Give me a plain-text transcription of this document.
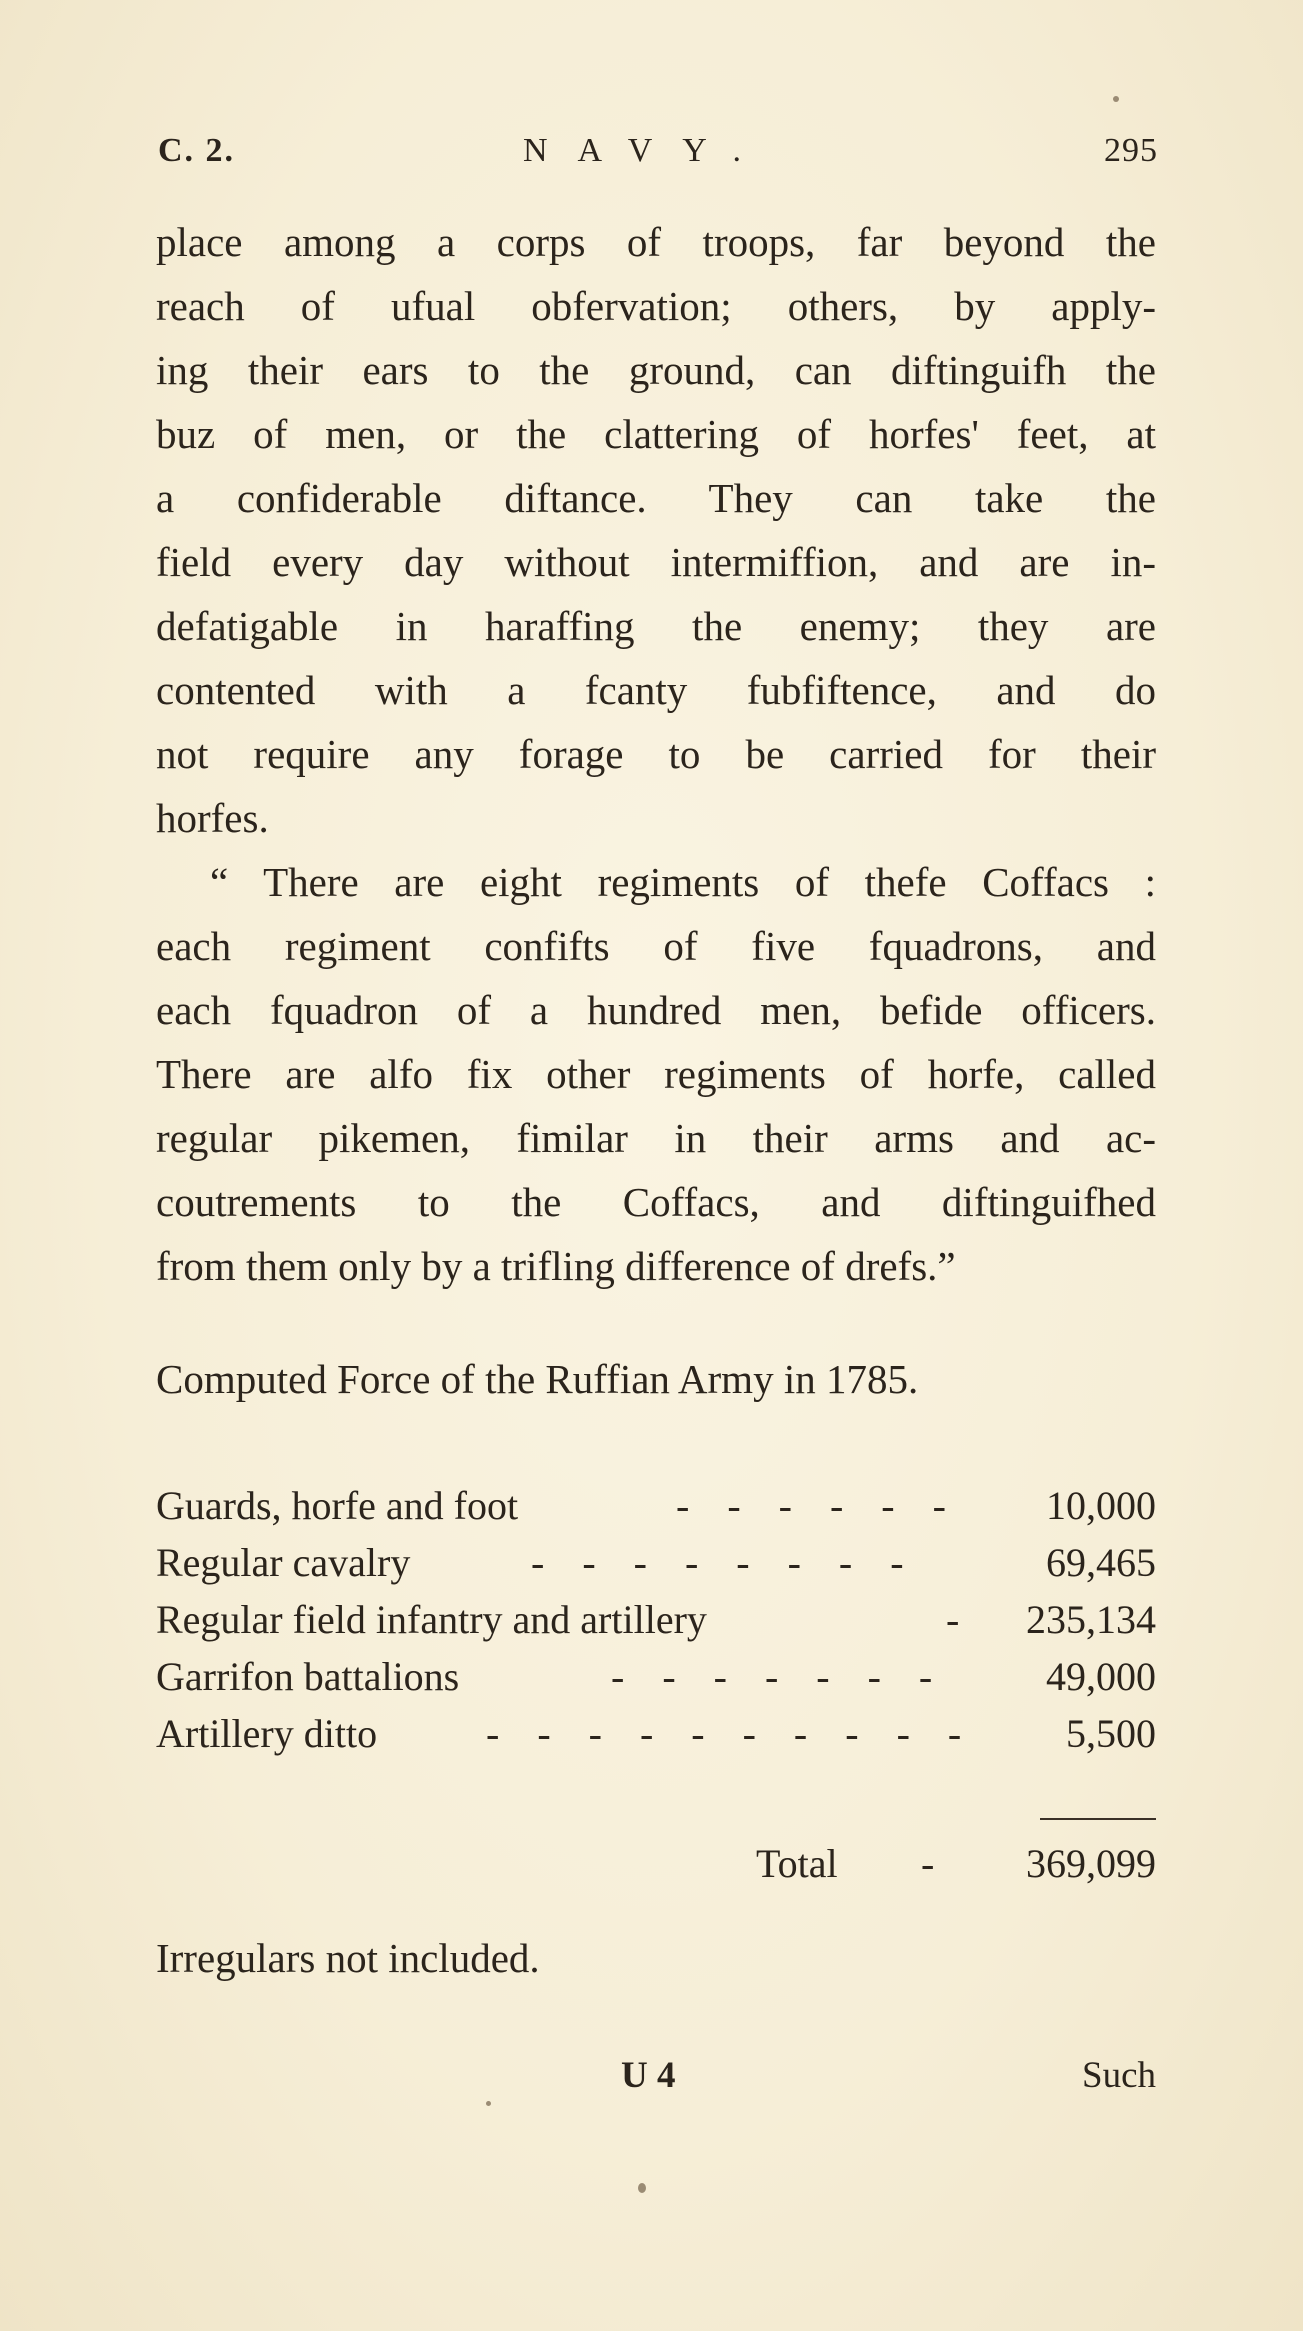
C. 2.	NAVY.	295
place among a corps of troops, far beyond the
reach of ufual obfervation; others, by apply-
ing their ears to the ground, can diftinguifh the
buz of men, or the clattering of horfes' feet, at
a confiderable diftance. They can take the
field every day without intermiffion, and are in-
defatigable in haraffing the enemy; they are
contented with a fcanty fubfiftence, and do
not require any forage to be carried for their
horfes.
“ There are eight regiments of thefe Coffacs :
each regiment confifts of five fquadrons, and
each fquadron of a hundred men, befide officers.
There are alfo fix other regiments of horfe, called
regular pikemen, fimilar in their arms and ac-
coutrements to the Coffacs, and diftinguifhed
from them only by a trifling difference of drefs.”
Computed Force of the Ruffian Army in 1785.
Guards, horfe and foot	- - - - - - 10,000
Regular cavalry	- - - - - - - -	69,465
Regular field infantry and artillery	- 235,134
Garrifon battalions	- - - - - - - 49,000
Artillery ditto	- - - - - - - - - - 5,500
Total - 369,099
Irregulars not included.
U 4	Such
